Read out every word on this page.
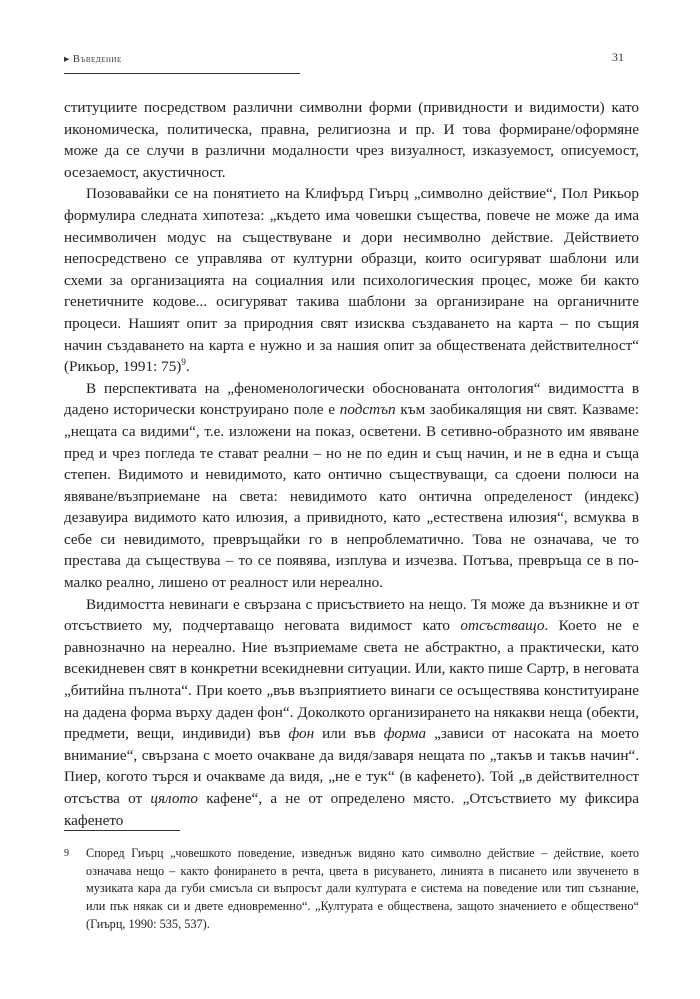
▸ Въведение	31

ституциите посредством различни символни форми (привидности и видимости) като икономическа, политическа, правна, религиозна и пр. И това формиране/оформяне може да се случи в различни модалности чрез визуалност, изказуемост, описуемост, осезаемост, акустичност.

Позовавайки се на понятието на Клифърд Гиърц „символно действие“, Пол Рикьор формулира следната хипотеза: „където има човешки същества, повече не може да има несимволичен модус на съществуване и дори несимволно действие. Действието непосредствено се управлява от културни образци, които осигуряват шаблони или схеми за организацията на социалния или психологическия процес, може би както генетичните кодове... осигуряват такива шаблони за организиране на органичните процеси. Нашият опит за природния свят изисква създаването на карта – по същия начин създаването на карта е нужно и за нашия опит за обществената действителност“ (Рикьор, 1991: 75)$^9$.

В перспективата на „феноменологически обоснованата онтология“ видимостта в дадено исторически конструирано поле е подстъп към заобикалящия ни свят. Казваме: „нещата са видими“, т.е. изложени на показ, осветени. В сетивно-образното им явяване пред и чрез погледа те стават реални – но не по един и същ начин, и не в една и съща степен. Видимото и невидимото, като онтично съществуващи, са сдоени полюси на явяване/възприемане на света: невидимото като онтична определеност (индекс) дезавуира видимото като илюзия, а привидното, като „естествена илюзия“, всмуква в себе си невидимото, превръщайки го в непроблематично. Това не означава, че то престава да съществува – то се появява, изплува и изчезва. Потъва, превръща се в по-малко реално, лишено от реалност или нереално.

Видимостта невинаги е свързана с присъствието на нещо. Тя може да възникне и от отсъствието му, подчертаващо неговата видимост като отсъстващо. Което не е равнозначно на нереално. Ние възприемаме света не абстрактно, а практически, като всекидневен свят в конкретни всекидневни ситуации. Или, както пише Сартр, в неговата „битийна пълнота“. При което „във възприятието винаги се осъществява конституиране на дадена форма върху даден фон“. Доколкото организирането на някакви неща (обекти, предмети, вещи, индивиди) във фон или във форма „зависи от насоката на моето внимание“, свързана с моето очакване да видя/заваря нещата по „такъв и такъв начин“. Пиер, когото търся и очакваме да видя, „не е тук“ (в кафенето). Той „в действителност отсъства от цялото кафене“, а не от определено място. „Отсъствието му фиксира кафенето

9 Според Гиърц „човешкото поведение, изведнъж видяно като символно действие – действие, което означава нещо – както фонирането в речта, цвета в рисуването, линията в писането или звученето в музиката кара да губи смисъла си въпросът дали културата е система на поведение или тип съзнание, или пък някак си и двете едновременно“. „Културата е обществена, защото значението е обществено“ (Гиърц, 1990: 535, 537).
